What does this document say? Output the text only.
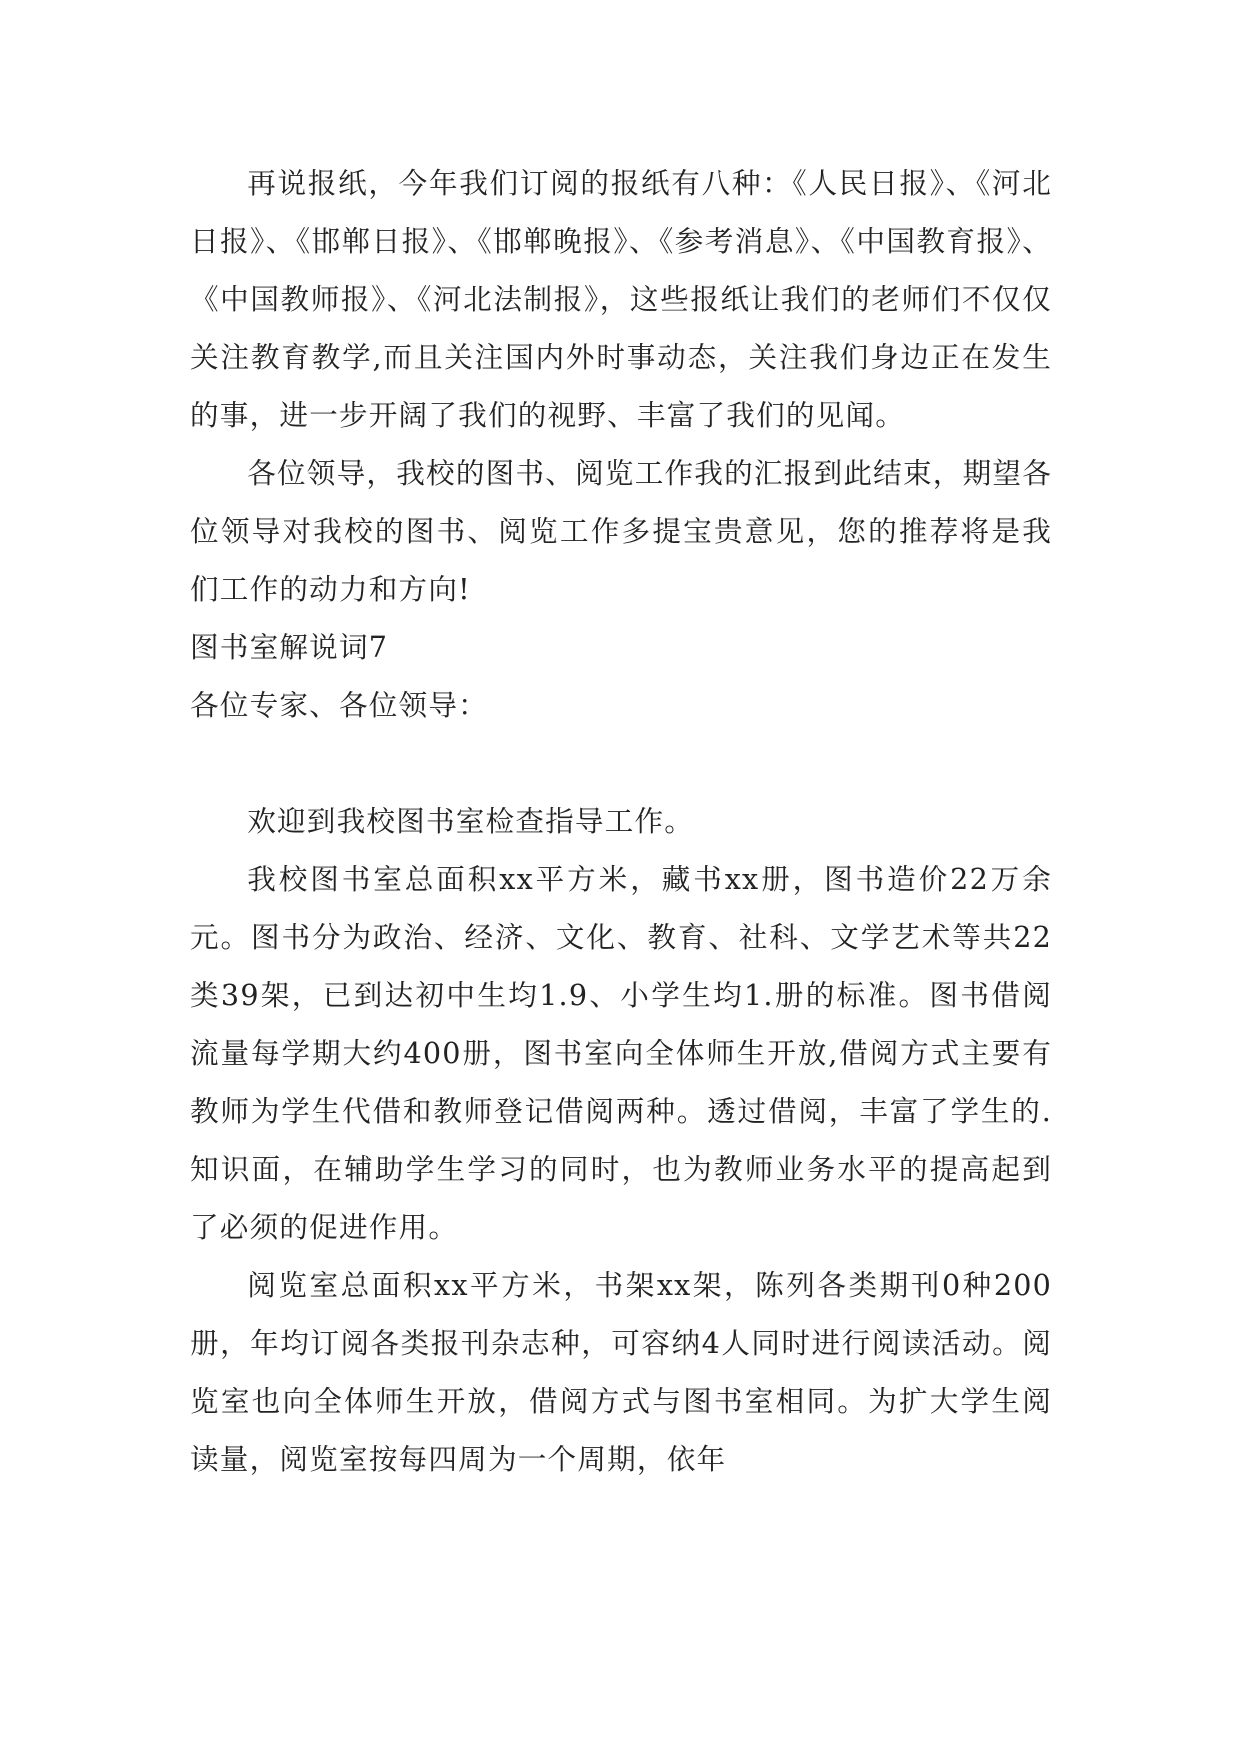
再说报纸，今年我们订阅的报纸有八种：《人民日报》、《河北日报》、《邯郸日报》、《邯郸晚报》、《参考消息》、《中国教育报》、《中国教师报》、《河北法制报》，这些报纸让我们的老师们不仅仅关注教育教学,而且关注国内外时事动态，关注我们身边正在发生的事，进一步开阔了我们的视野、丰富了我们的见闻。

各位领导，我校的图书、阅览工作我的汇报到此结束，期望各位领导对我校的图书、阅览工作多提宝贵意见，您的推荐将是我们工作的动力和方向!

图书室解说词7

各位专家、各位领导：

欢迎到我校图书室检查指导工作。

我校图书室总面积xx平方米，藏书xx册，图书造价22万余元。图书分为政治、经济、文化、教育、社科、文学艺术等共22类39架，已到达初中生均1.9、小学生均1.册的标准。图书借阅流量每学期大约400册，图书室向全体师生开放,借阅方式主要有教师为学生代借和教师登记借阅两种。透过借阅，丰富了学生的.知识面，在辅助学生学习的同时，也为教师业务水平的提高起到了必须的促进作用。

阅览室总面积xx平方米，书架xx架，陈列各类期刊0种200册，年均订阅各类报刊杂志种，可容纳4人同时进行阅读活动。阅览室也向全体师生开放，借阅方式与图书室相同。为扩大学生阅读量，阅览室按每四周为一个周期，依年
